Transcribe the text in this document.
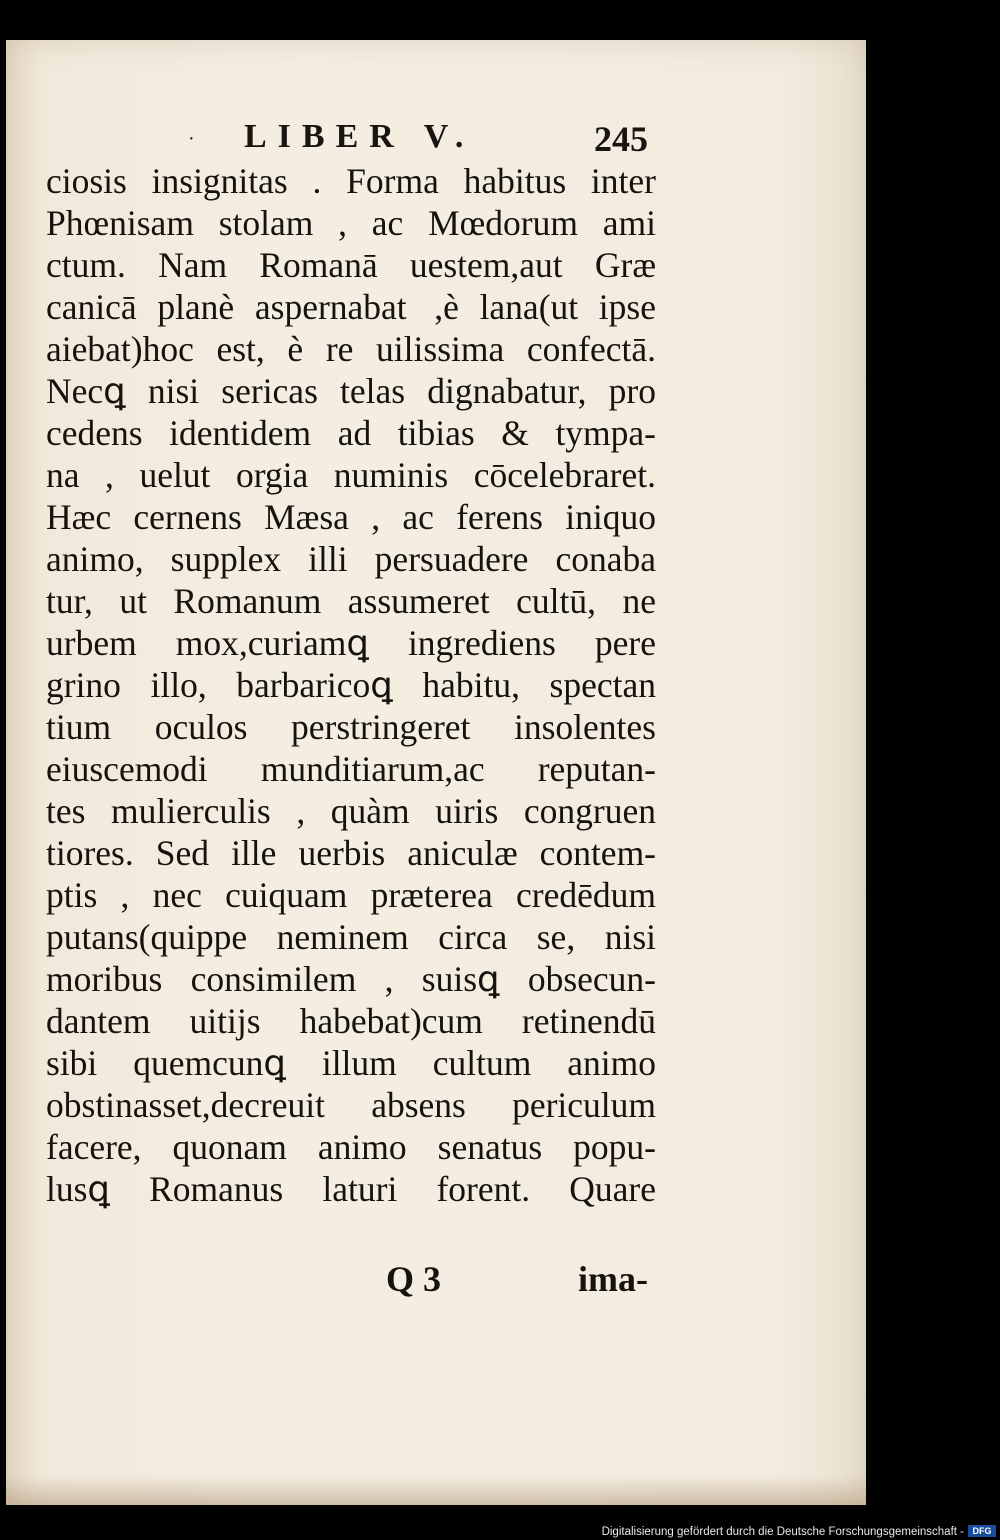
· LIBER V.	245
ciosis insignitas . Forma habitus inter
Phœnisam stolam , ac Mœdorum ami
ctum. Nam Romanā uestem,aut Græ
canicā planè aspernabatᷣ,è lana(ut ipse
aiebat)hoc est, è re uilissima confectā.
Necꝗ nisi sericas telas dignabatur, pro
cedens identidem ad tibias & tympa-
na , uelut orgia numinis cōcelebraret.
Hæc cernens Mæsa , ac ferens iniquo
animo, supplex illi persuadere conaba
tur, ut Romanum assumeret cultū, ne
urbem mox,curiamꝗ ingrediens pere
grino illo, barbaricoꝗ habitu, spectan
tium oculos perstringeret insolentes
eiuscemodi munditiarum,ac reputan-
tes mulierculis , quàm uiris congruen
tiores. Sed ille uerbis aniculæ contem-
ptis , nec cuiquam præterea credēdum
putans(quippe neminem circa se, nisi
moribus consimilem , suisꝗ obsecun-
dantem uitijs habebat)cum retinendū
sibi quemcunꝗ illum cultum animo
obstinasset,decreuit absens periculum
facere, quonam animo senatus popu-
lusꝗ Romanus laturi forent. Quare
Q 3	ima-
Digitalisierung gefördert durch die Deutsche Forschungsgemeinschaft - DFG
